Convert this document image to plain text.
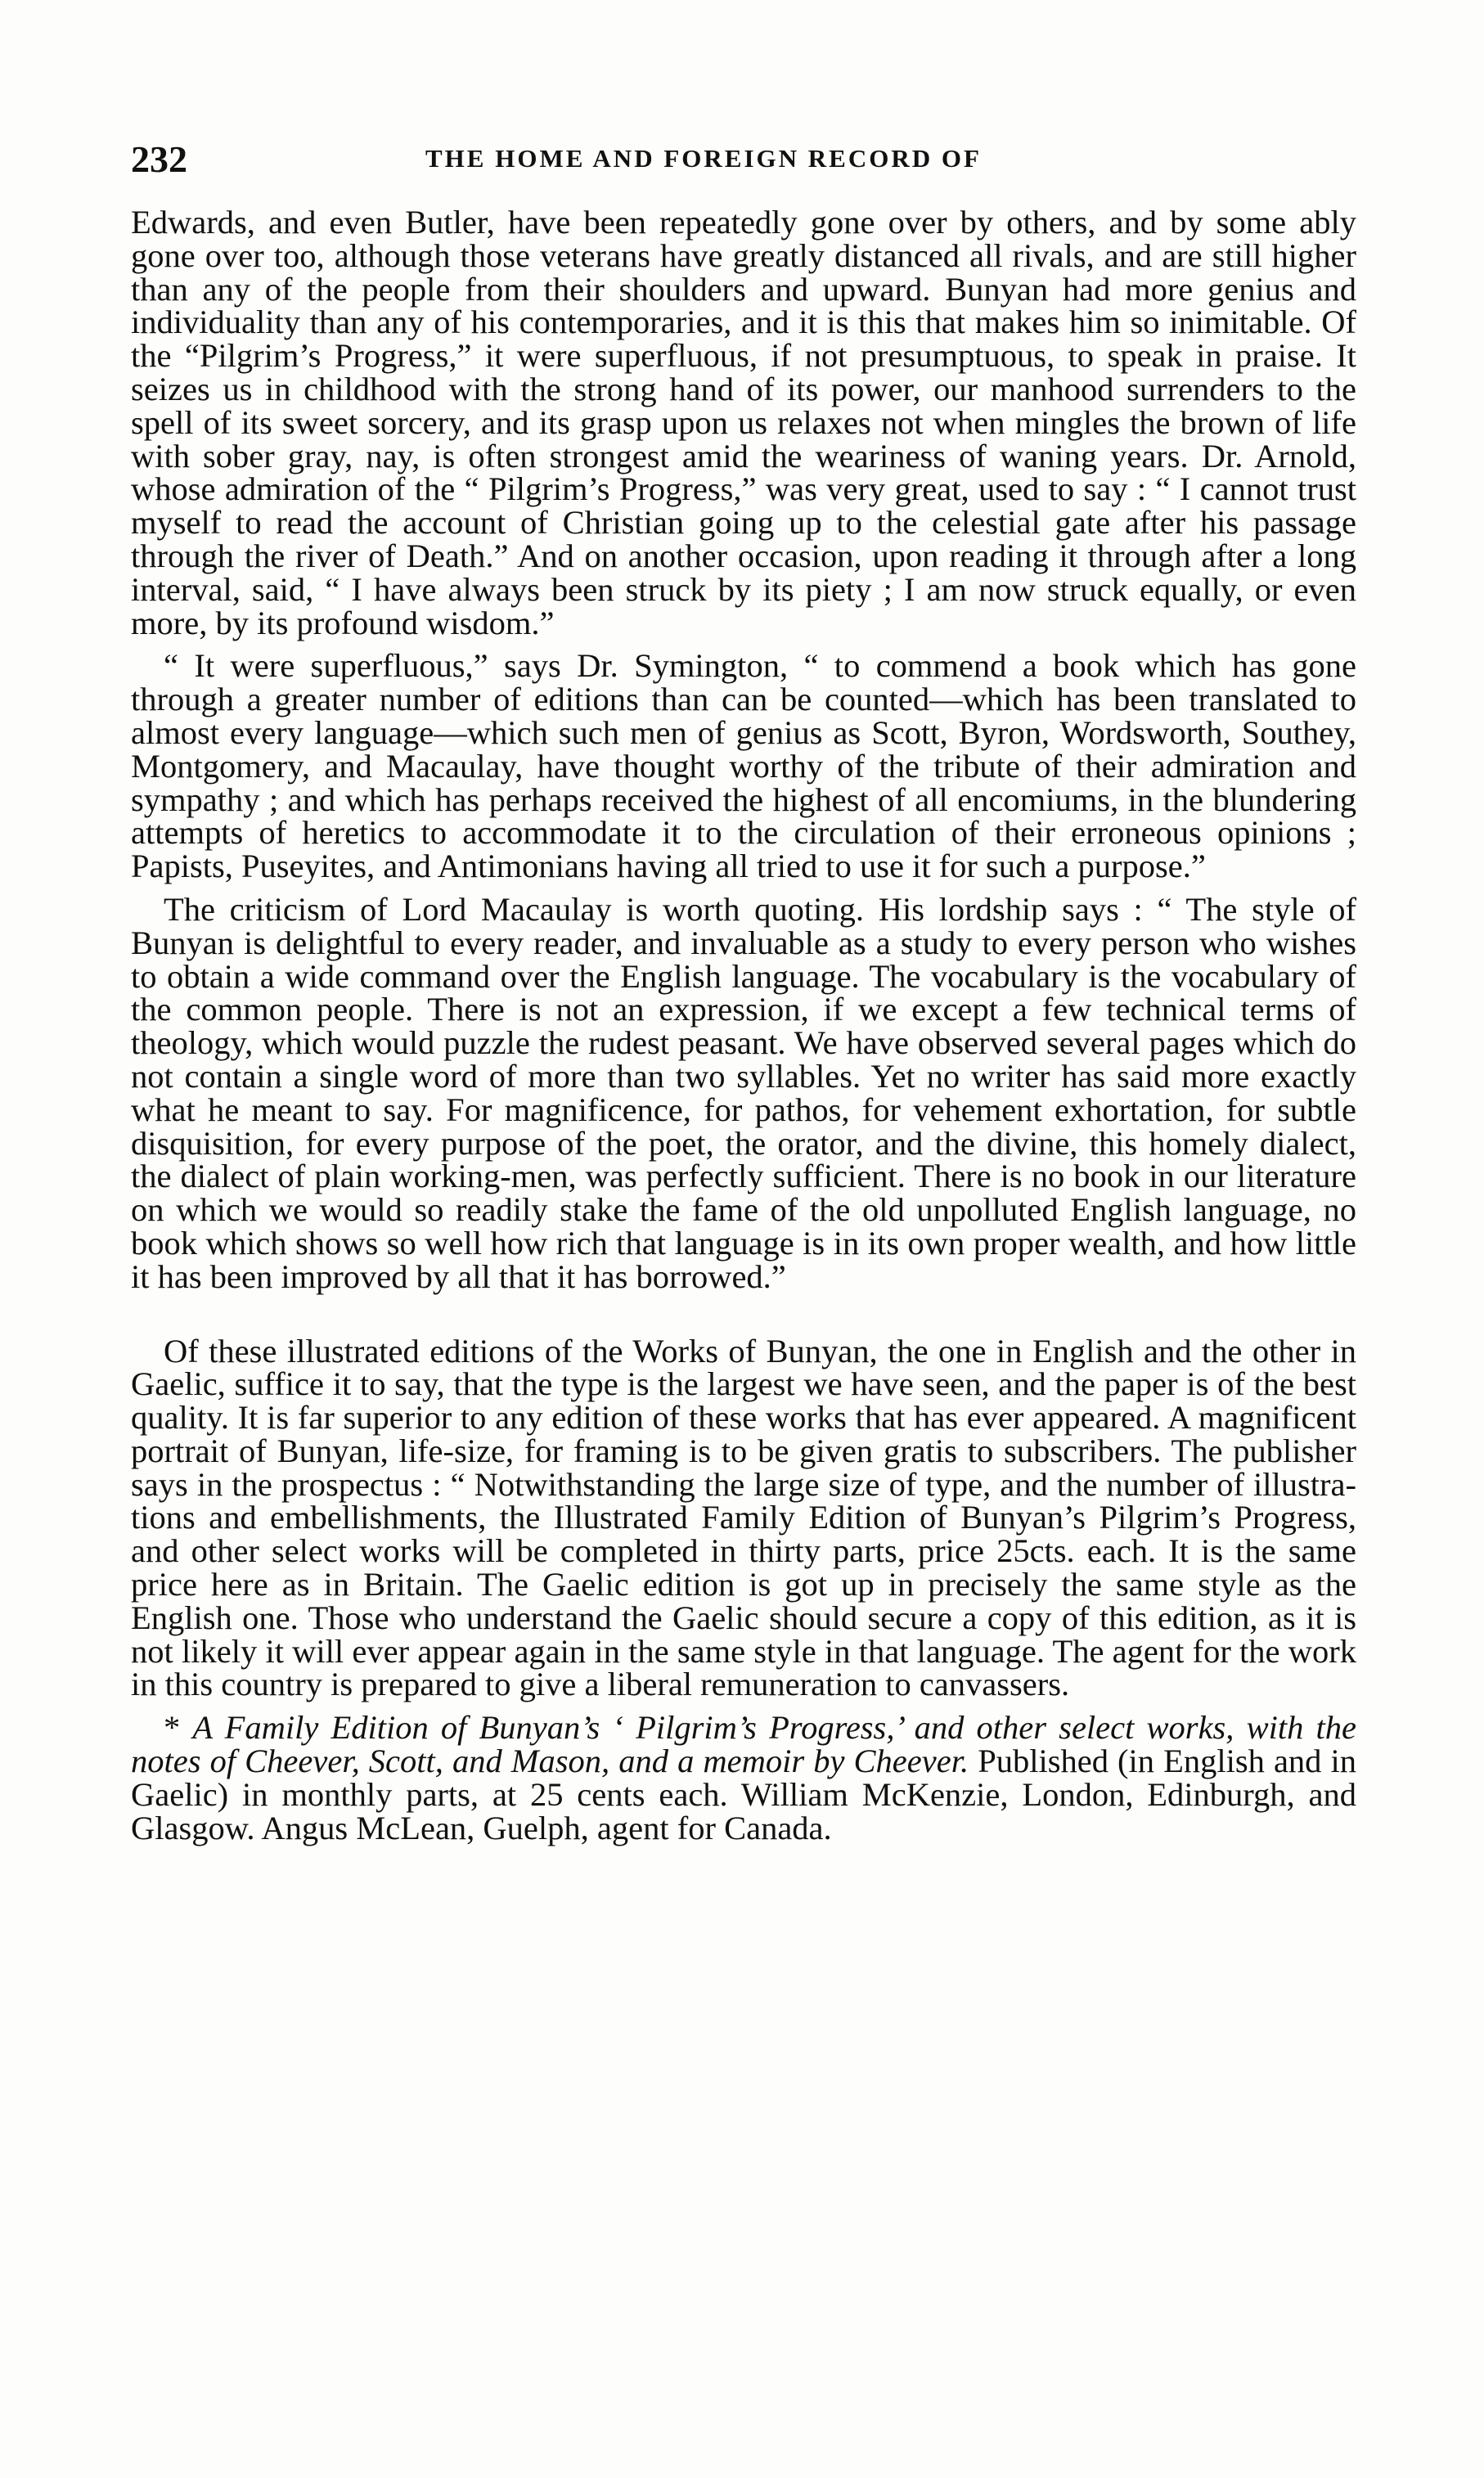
232	THE HOME AND FOREIGN RECORD OF

Edwards, and even Butler, have been repeatedly gone over by others, and by some ably gone over too, although those veterans have greatly distanced all rivals, and are still higher than any of the people from their shoulders and upward. Bunyan had more genius and individuality than any of his contemporaries, and it is this that makes him so inimitable. Of the “Pilgrim’s Progress,” it were superfluous, if not presumptuous, to speak in praise. It seizes us in childhood with the strong hand of its power, our manhood surrenders to the spell of its sweet sorcery, and its grasp upon us relaxes not when mingles the brown of life with sober gray, nay, is often strongest amid the weariness of waning years. Dr. Arnold, whose admiration of the “ Pilgrim’s Progress,” was very great, used to say : “ I cannot trust myself to read the account of Christian going up to the celestial gate after his passage through the river of Death.” And on another occasion, upon reading it through after a long interval, said, “ I have always been struck by its piety ; I am now struck equally, or even more, by its profound wisdom.”

“ It were superfluous,” says Dr. Symington, “ to commend a book which has gone through a greater number of editions than can be counted—which has been translated to almost every language—which such men of genius as Scott, Byron, Wordsworth, Southey, Montgomery, and Macaulay, have thought worthy of the tribute of their admiration and sympathy ; and which has perhaps received the highest of all encomiums, in the blundering attempts of heretics to accommodate it to the circulation of their erroneous opinions ; Papists, Puseyites, and Antimonians having all tried to use it for such a purpose.”

The criticism of Lord Macaulay is worth quoting. His lordship says : “ The style of Bunyan is delightful to every reader, and invaluable as a study to every person who wishes to obtain a wide command over the English language. The vocabulary is the vocabulary of the common people. There is not an expression, if we except a few technical terms of theology, which would puzzle the rudest peasant. We have observed several pages which do not contain a single word of more than two syllables. Yet no writer has said more exactly what he meant to say. For magnificence, for pathos, for vehement exhortation, for subtle disquisition, for every purpose of the poet, the orator, and the divine, this homely dialect, the dialect of plain working-men, was perfectly sufficient. There is no book in our literature on which we would so readily stake the fame of the old unpolluted English language, no book which shows so well how rich that language is in its own proper wealth, and how little it has been improved by all that it has borrowed.”

Of these illustrated editions of the Works of Bunyan, the one in English and the other in Gaelic, suffice it to say, that the type is the largest we have seen, and the paper is of the best quality. It is far superior to any edition of these works that has ever appeared. A magnificent portrait of Bunyan, life-size, for framing is to be given gratis to subscribers. The publisher says in the prospectus : “ Notwithstanding the large size of type, and the number of illustrations and embellishments, the Illustrated Family Edition of Bunyan’s Pilgrim’s Progress, and other select works will be completed in thirty parts, price 25cts. each. It is the same price here as in Britain. The Gaelic edition is got up in precisely the same style as the English one. Those who understand the Gaelic should secure a copy of this edition, as it is not likely it will ever appear again in the same style in that language. The agent for the work in this country is prepared to give a liberal remuneration to canvassers.

* A Family Edition of Bunyan’s ‘ Pilgrim’s Progress,’ and other select works, with the notes of Cheever, Scott, and Mason, and a memoir by Cheever. Published (in English and in Gaelic) in monthly parts, at 25 cents each. William McKenzie, London, Edinburgh, and Glasgow. Angus McLean, Guelph, agent for Canada.
